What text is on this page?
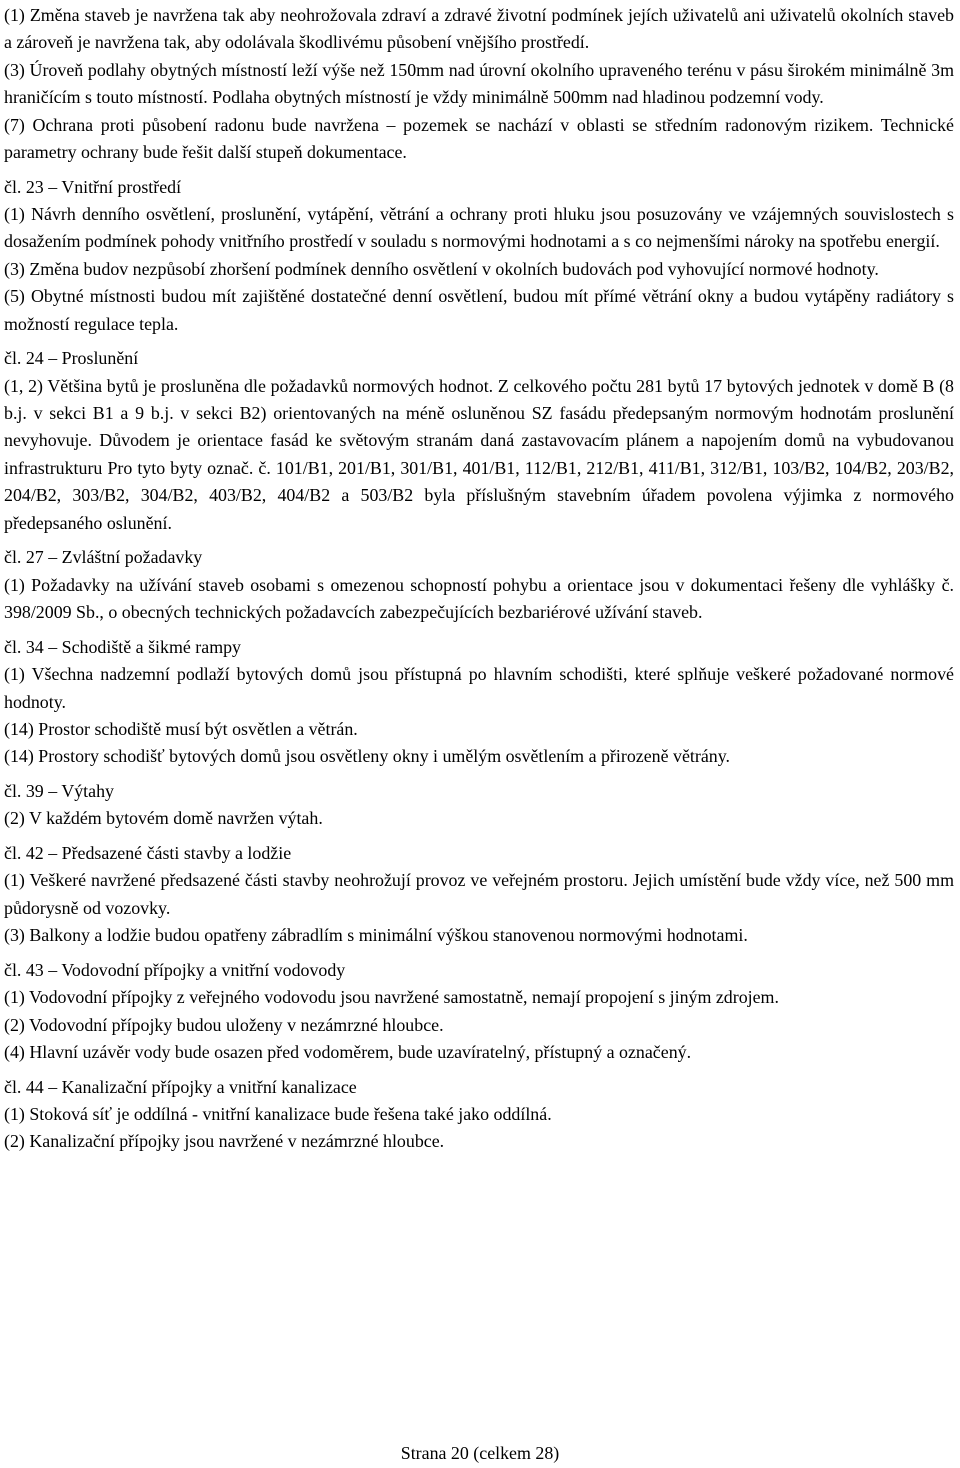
(1) Změna staveb je navržena tak aby neohrožovala zdraví a zdravé životní podmínek jejích uživatelů ani uživatelů okolních staveb a zároveň je navržena tak, aby odolávala škodlivému působení vnějšího prostředí.

(3) Úroveň podlahy obytných místností leží výše než 150mm nad úrovní okolního upraveného terénu v pásu širokém minimálně 3m hraničícím s touto místností. Podlaha obytných místností je vždy minimálně 500mm nad hladinou podzemní vody.

(7) Ochrana proti působení radonu bude navržena – pozemek se nachází v oblasti se středním radonovým rizikem. Technické parametry ochrany bude řešit další stupeň dokumentace.

čl. 23 – Vnitřní prostředí

(1) Návrh denního osvětlení, proslunění, vytápění, větrání a ochrany proti hluku jsou posuzovány ve vzájemných souvislostech s dosažením podmínek pohody vnitřního prostředí v souladu s normovými hodnotami a s co nejmenšími nároky na spotřebu energií.

(3) Změna budov nezpůsobí zhoršení podmínek denního osvětlení v okolních budovách pod vyhovující normové hodnoty.

(5) Obytné místnosti budou mít zajištěné dostatečné denní osvětlení, budou mít přímé větrání okny a budou vytápěny radiátory s možností regulace tepla.

čl. 24 – Proslunění

(1, 2) Většina bytů je prosluněna dle požadavků normových hodnot. Z celkového počtu 281 bytů 17 bytových jednotek v domě B (8 b.j. v sekci B1 a 9 b.j. v sekci B2) orientovaných na méně osluněnou SZ fasádu předepsaným normovým hodnotám proslunění nevyhovuje. Důvodem je orientace fasád ke světovým stranám daná zastavovacím plánem a napojením domů na vybudovanou infrastrukturu Pro tyto byty označ. č. 101/B1, 201/B1, 301/B1, 401/B1, 112/B1, 212/B1, 411/B1, 312/B1, 103/B2, 104/B2, 203/B2, 204/B2, 303/B2, 304/B2, 403/B2, 404/B2 a 503/B2 byla příslušným stavebním úřadem povolena výjimka z normového předepsaného oslunění.

čl. 27 – Zvláštní požadavky

(1) Požadavky na užívání staveb osobami s omezenou schopností pohybu a orientace jsou v dokumentaci řešeny dle vyhlášky č. 398/2009 Sb., o obecných technických požadavcích zabezpečujících bezbariérové užívání staveb.

čl. 34 – Schodiště a šikmé rampy

(1) Všechna nadzemní podlaží bytových domů jsou přístupná po hlavním schodišti, které splňuje veškeré požadované normové hodnoty.

(14) Prostor schodiště musí být osvětlen a větrán.

(14) Prostory schodišť bytových domů jsou osvětleny okny i umělým osvětlením a přirozeně větrány.

čl. 39 – Výtahy

(2) V každém bytovém domě navržen výtah.

čl. 42 – Předsazené části stavby a lodžie

(1) Veškeré navržené předsazené části stavby neohrožují provoz ve veřejném prostoru. Jejich umístění bude vždy více, než 500 mm půdorysně od vozovky.

(3) Balkony a lodžie budou opatřeny zábradlím s minimální výškou stanovenou normovými hodnotami.

čl. 43 – Vodovodní přípojky a vnitřní vodovody

(1) Vodovodní přípojky z veřejného vodovodu jsou navržené samostatně, nemají propojení s jiným zdrojem.

(2) Vodovodní přípojky budou uloženy v nezámrzné hloubce.

(4) Hlavní uzávěr vody bude osazen před vodoměrem, bude uzavíratelný, přístupný a označený.

čl. 44 – Kanalizační přípojky a vnitřní kanalizace

(1) Stoková síť je oddílná - vnitřní kanalizace bude řešena také jako oddílná.

(2) Kanalizační přípojky jsou navržené v nezámrzné hloubce.

Strana 20 (celkem 28)
